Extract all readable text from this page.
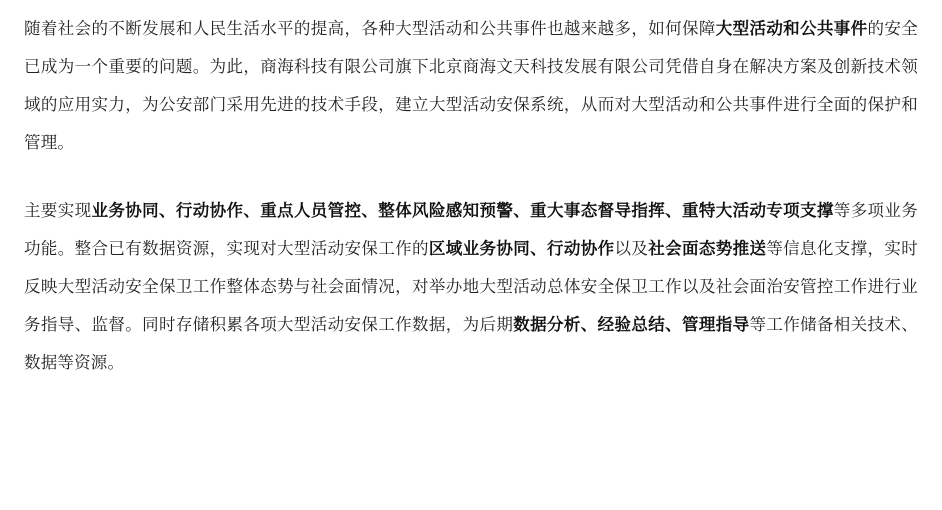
随着社会的不断发展和人民生活水平的提高，各种大型活动和公共事件也越来越多，如何保障大型活动和公共事件的安全已成为一个重要的问题。为此，商海科技有限公司旗下北京商海文天科技发展有限公司凭借自身在解决方案及创新技术领域的应用实力，为公安部门采用先进的技术手段，建立大型活动安保系统，从而对大型活动和公共事件进行全面的保护和管理。

主要实现业务协同、行动协作、重点人员管控、整体风险感知预警、重大事态督导指挥、重特大活动专项支撑等多项业务功能。整合已有数据资源，实现对大型活动安保工作的区域业务协同、行动协作以及社会面态势推送等信息化支撑，实时反映大型活动安全保卫工作整体态势与社会面情况，对举办地大型活动总体安全保卫工作以及社会面治安管控工作进行业务指导、监督。同时存储积累各项大型活动安保工作数据，为后期数据分析、经验总结、管理指导等工作储备相关技术、数据等资源。
